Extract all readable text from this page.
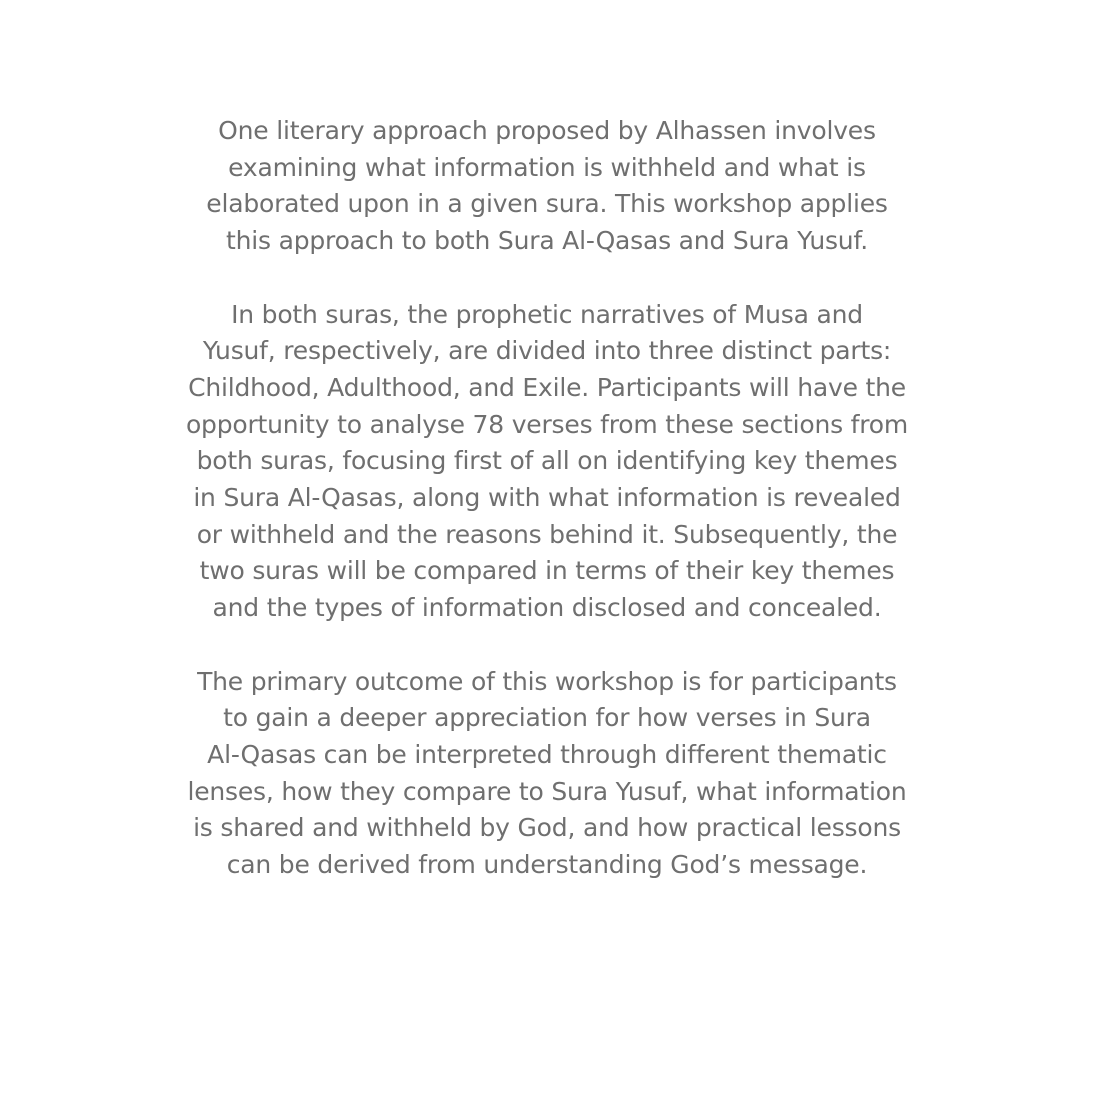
One literary approach proposed by Alhassen involves
examining what information is withheld and what is
elaborated upon in a given sura. This workshop applies
this approach to both Sura Al-Qasas and Sura Yusuf.

In both suras, the prophetic narratives of Musa and
Yusuf, respectively, are divided into three distinct parts:
Childhood, Adulthood, and Exile. Participants will have the
opportunity to analyse 78 verses from these sections from
both suras, focusing first of all on identifying key themes
in Sura Al-Qasas, along with what information is revealed
or withheld and the reasons behind it. Subsequently, the
two suras will be compared in terms of their key themes
and the types of information disclosed and concealed.

The primary outcome of this workshop is for participants
to gain a deeper appreciation for how verses in Sura
Al-Qasas can be interpreted through different thematic
lenses, how they compare to Sura Yusuf, what information
is shared and withheld by God, and how practical lessons
can be derived from understanding God’s message.
